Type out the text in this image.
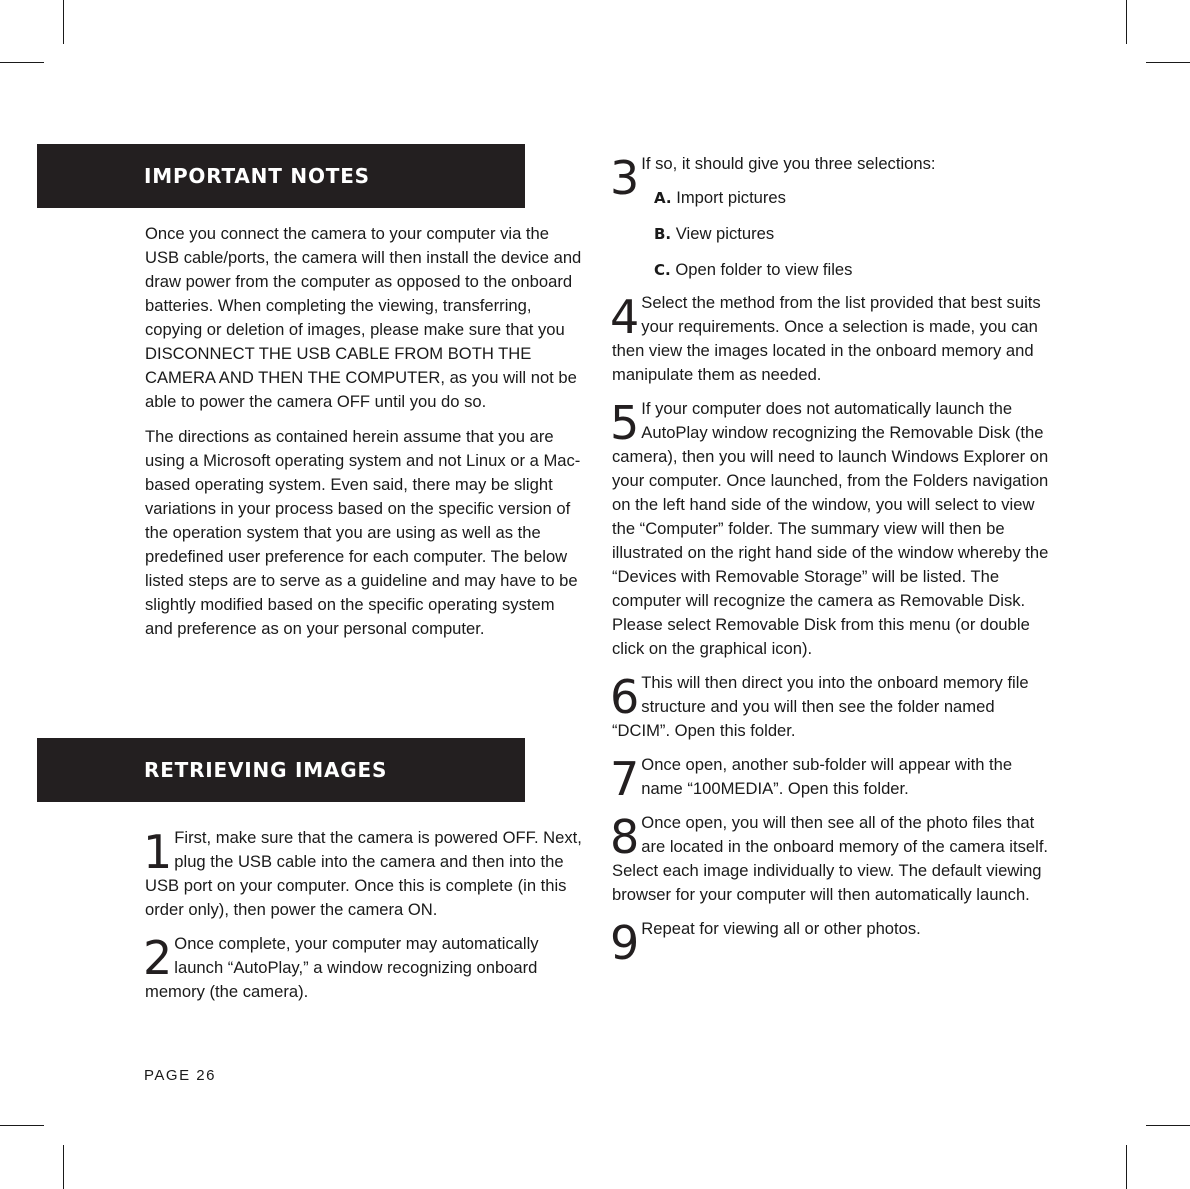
IMPORTANT NOTES

Once you connect the camera to your computer via the USB cable/ports, the camera will then install the device and draw power from the computer as opposed to the onboard batteries. When completing the viewing, transferring, copying or deletion of images, please make sure that you DISCONNECT THE USB CABLE FROM BOTH THE CAMERA AND THEN THE COMPUTER, as you will not be able to power the camera OFF until you do so.

The directions as contained herein assume that you are using a Microsoft operating system and not Linux or a Mac-based operating system. Even said, there may be slight variations in your process based on the specific version of the operation system that you are using as well as the predefined user preference for each computer. The below listed steps are to serve as a guideline and may have to be slightly modified based on the specific operating system and preference as on your personal computer.

RETRIEVING IMAGES

1 First, make sure that the camera is powered OFF. Next, plug the USB cable into the camera and then into the USB port on your computer. Once this is complete (in this order only), then power the camera ON.

2 Once complete, your computer may automatically launch “AutoPlay,” a window recognizing onboard memory (the camera).

3 If so, it should give you three selections:

A. Import pictures
B. View pictures
C. Open folder to view files

4 Select the method from the list provided that best suits your requirements. Once a selection is made, you can then view the images located in the onboard memory and manipulate them as needed.

5 If your computer does not automatically launch the AutoPlay window recognizing the Removable Disk (the camera), then you will need to launch Windows Explorer on your computer. Once launched, from the Folders navigation on the left hand side of the window, you will select to view the “Computer” folder. The summary view will then be illustrated on the right hand side of the window whereby the “Devices with Removable Storage” will be listed. The computer will recognize the camera as Removable Disk. Please select Removable Disk from this menu (or double click on the graphical icon).

6 This will then direct you into the onboard memory file structure and you will then see the folder named “DCIM”. Open this folder.

7 Once open, another sub-folder will appear with the name “100MEDIA”. Open this folder.

8 Once open, you will then see all of the photo files that are located in the onboard memory of the camera itself. Select each image individually to view. The default viewing browser for your computer will then automatically launch.

9 Repeat for viewing all or other photos.

PAGE 26
